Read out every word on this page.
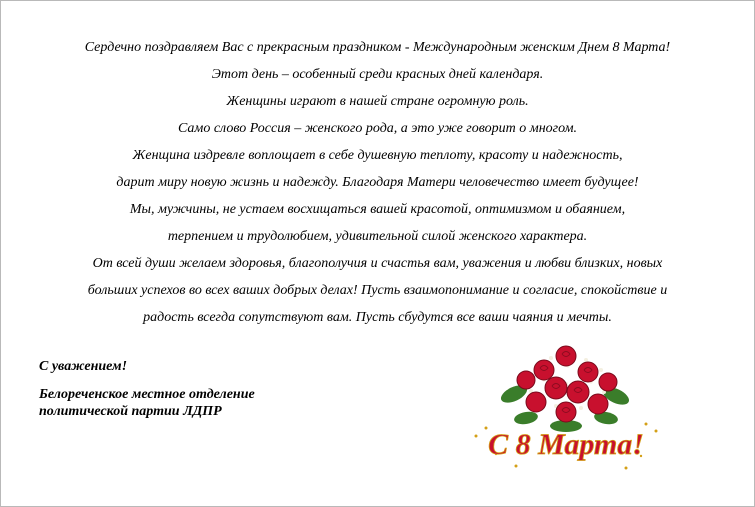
Сердечно поздравляем Вас с прекрасным праздником - Международным женским Днем 8 Марта!
Этот день – особенный среди красных дней календаря.
Женщины играют в нашей стране огромную роль.
Само слово Россия – женского рода, а это уже говорит о многом.
Женщина издревле воплощает в себе душевную теплоту, красоту и надежность,
дарит миру новую жизнь и надежду. Благодаря Матери человечество имеет будущее!
Мы, мужчины, не устаем восхищаться вашей красотой, оптимизмом и обаянием,
терпением и трудолюбием, удивительной силой женского характера.
От всей души желаем здоровья, благополучия и счастья вам, уважения и любви близких, новых
больших успехов во всех ваших добрых делах! Пусть взаимопонимание и согласие, спокойствие и
радость всегда сопутствуют вам. Пусть сбудутся все ваши чаяния и мечты.

С уважением!
Белореченское местное отделение
политической партии ЛДПР
С 8 Марта!
